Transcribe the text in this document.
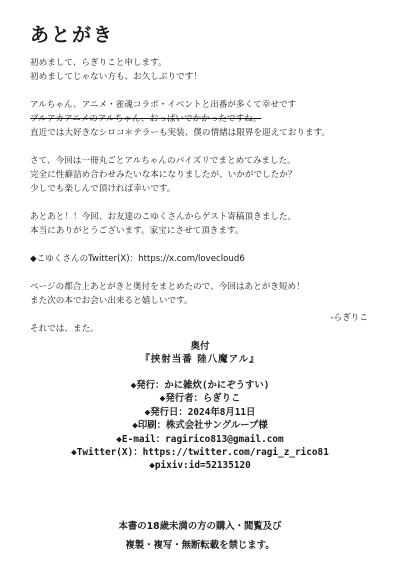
あとがき

初めまして、らぎりこと申します。

初めましてじゃない方も、お久しぶりです！

アルちゃん、アニメ・雀魂コラボ・イベントと出番が多くて幸せです

ブルアカアニメのアルちゃん、おっぱいでかかったですね。

直近では大好きなシロコ＊テラーも実装、僕の情緒は限界を迎えております。

さて、今回は一冊丸ごとアルちゃんのパイズリでまとめてみました。

完全に性癖詰め合わせみたいな本になりましたが、いかがでしたか？

少しでも楽しんで頂ければ幸いです。

あとあと！！今回、お友達のこゆくさんからゲスト寄稿頂きました。

本当にありがとうございます。家宝にさせて頂きます。

◆こゆくさんのTwitter(X)：https://x.com/lovecloud6

ページの都合上あとがきと奥付をまとめたので、今回はあとがき短め！

また次の本でお会い出来ると嬉しいです。

それでは、また。

-らぎりこ
奥付
『挟射当番 陸八魔アル』
◆発行：かに雑炊(かにぞうすい)
◆発行者：らぎりこ
◆発行日：2024年8月11日
◆印刷：株式会社サングループ様
◆E-mail：ragirico813@gmail.com
◆Twitter(X)：https://twitter.com/ragi_z_rico81
◆pixiv:id=52135120
本書の18歳未満の方の購入・閲覧及び
複製・複写・無断転載を禁じます。
